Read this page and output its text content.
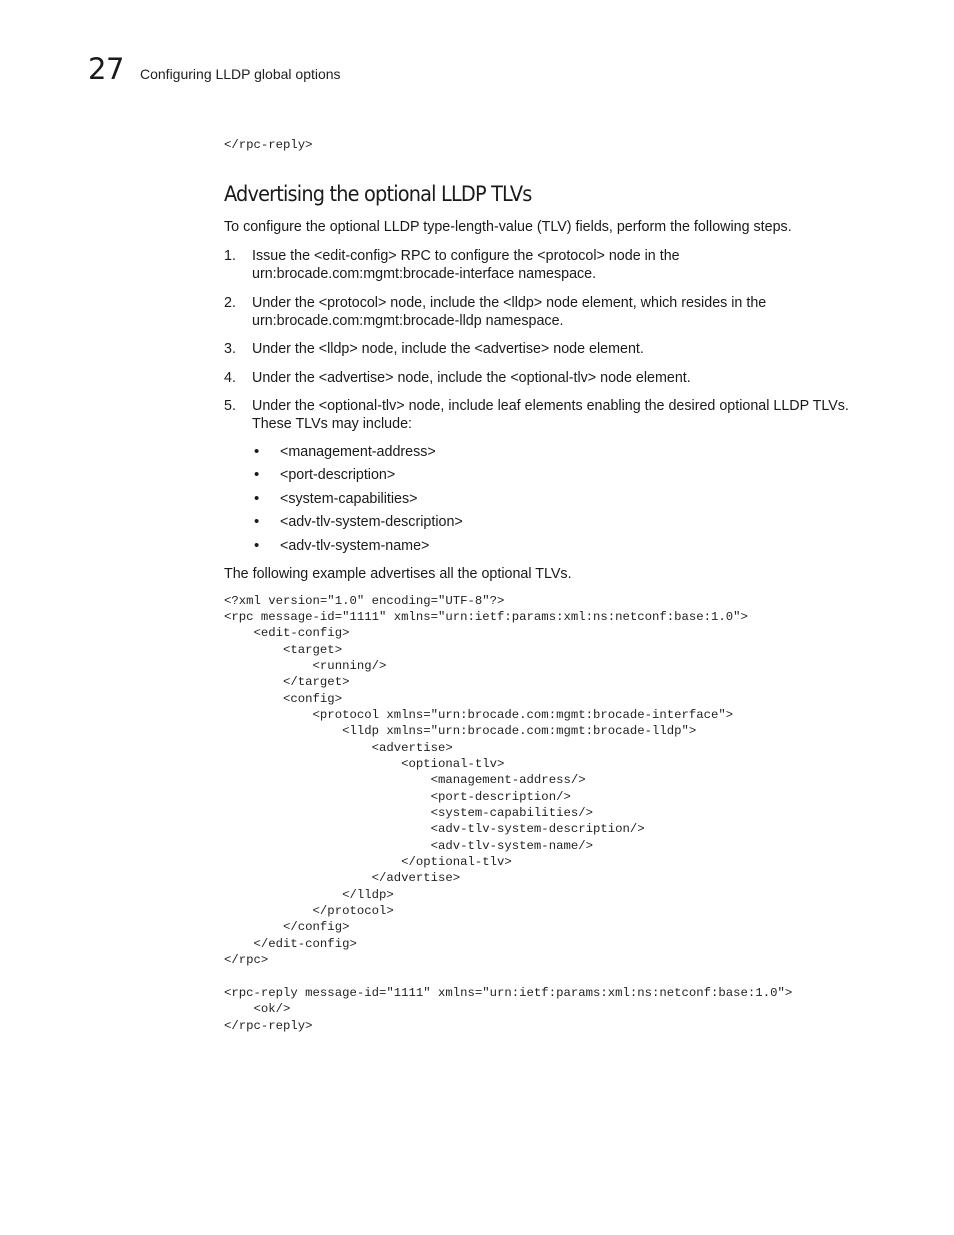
27 Configuring LLDP global options
</rpc-reply>
Advertising the optional LLDP TLVs

To configure the optional LLDP type-length-value (TLV) fields, perform the following steps.

1. Issue the <edit-config> RPC to configure the <protocol> node in the urn:brocade.com:mgmt:brocade-interface namespace.
2. Under the <protocol> node, include the <lldp> node element, which resides in the urn:brocade.com:mgmt:brocade-lldp namespace.
3. Under the <lldp> node, include the <advertise> node element.
4. Under the <advertise> node, include the <optional-tlv> node element.
5. Under the <optional-tlv> node, include leaf elements enabling the desired optional LLDP TLVs. These TLVs may include:
• <management-address>
• <port-description>
• <system-capabilities>
• <adv-tlv-system-description>
• <adv-tlv-system-name>

The following example advertises all the optional TLVs.

<?xml version="1.0" encoding="UTF-8"?>
<rpc message-id="1111" xmlns="urn:ietf:params:xml:ns:netconf:base:1.0">
<edit-config>
<target>
<running/>
</target>
<config>
<protocol xmlns="urn:brocade.com:mgmt:brocade-interface">
<lldp xmlns="urn:brocade.com:mgmt:brocade-lldp">
<advertise>
<optional-tlv>
<management-address/>
<port-description/>
<system-capabilities/>
<adv-tlv-system-description/>
<adv-tlv-system-name/>
</optional-tlv>
</advertise>
</lldp>
</protocol>
</config>
</edit-config>
</rpc>

<rpc-reply message-id="1111" xmlns="urn:ietf:params:xml:ns:netconf:base:1.0">
<ok/>
</rpc-reply>
